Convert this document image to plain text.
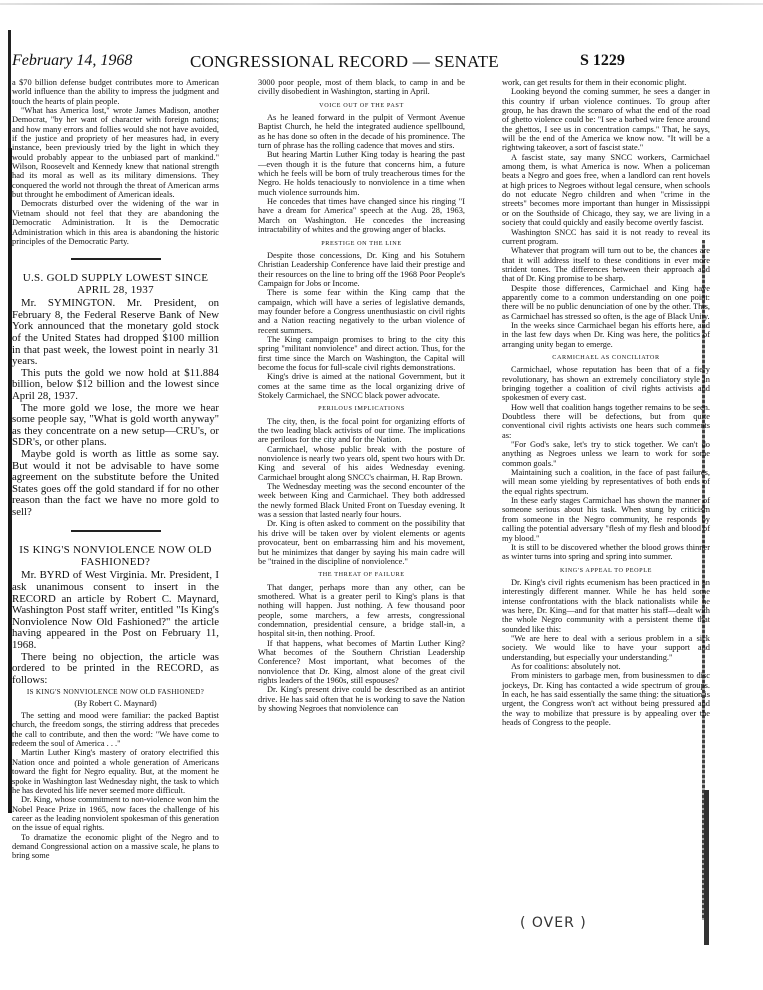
February 14, 1968	CONGRESSIONAL RECORD — SENATE	S 1229

a $70 billion defense budget contributes more to American world influence than the ability to impress the judgment and touch the hearts of plain people.

"What has America lost," wrote James Madison, another Democrat, "by her want of character with foreign nations; and how many errors and follies would she not have avoided, if the justice and propriety of her measures had, in every instance, been previously tried by the light in which they would probably appear to the unbiased part of mankind." Wilson, Roosevelt and Kennedy knew that national strength had its moral as well as its military dimensions. They conquered the world not through the threat of American arms but throught he embodiment of American ideals.

Democrats disturbed over the widening of the war in Vietnam should not feel that they are abandoning the Democratic Administration. It is the Democratic Administration which in this area is abandoning the historic principles of the Democratic Party.

U.S. GOLD SUPPLY LOWEST SINCE APRIL 28, 1937

Mr. SYMINGTON. Mr. President, on February 8, the Federal Reserve Bank of New York announced that the monetary gold stock of the United States had dropped $100 million in that past week, the lowest point in nearly 31 years.

This puts the gold we now hold at $11.884 billion, below $12 billion and the lowest since April 28, 1937.

The more gold we lose, the more we hear some people say, "What is gold worth anyway" as they concentrate on a new setup—CRU's, or SDR's, or other plans.

Maybe gold is worth as little as some say. But would it not be advisable to have some agreement on the substitute before the United States goes off the gold standard if for no other reason than the fact we have no more gold to sell?

IS KING'S NONVIOLENCE NOW OLD FASHIONED?

Mr. BYRD of West Virginia. Mr. President, I ask unanimous consent to insert in the RECORD an article by Robert C. Maynard, Washington Post staff writer, entitled "Is King's Nonviolence Now Old Fashioned?" the article having appeared in the Post on February 11, 1968.

There being no objection, the article was ordered to be printed in the RECORD, as follows:

IS KING'S NONVIOLENCE NOW OLD FASHIONED?

(By Robert C. Maynard)

The setting and mood were familiar: the packed Baptist church, the freedom songs, the stirring address that precedes the call to contribute, and then the word: "We have come to redeem the soul of America . . ."

Martin Luther King's mastery of oratory electrified this Nation once and pointed a whole generation of Americans toward the fight for Negro equality. But, at the moment he spoke in Washington last Wednesday night, the task to which he has devoted his life never seemed more difficult.

Dr. King, whose commitment to non-violence won him the Nobel Peace Prize in 1965, now faces the challenge of his career as the leading nonviolent spokesman of this generation on the issue of equal rights.

To dramatize the economic plight of the Negro and to demand Congressional action on a massive scale, he plans to bring some

3000 poor people, most of them black, to camp in and be civilly disobedient in Washington, starting in April.

VOICE OUT OF THE PAST

As he leaned forward in the pulpit of Vermont Avenue Baptist Church, he held the integrated audience spellbound, as he has done so often in the decade of his prominence. The turn of phrase has the rolling cadence that moves and stirs.

But hearing Martin Luther King today is hearing the past—even though it is the future that concerns him, a future which he feels will be born of truly treacherous times for the Negro. He holds tenaciously to nonviolence in a time when much violence surrounds him.

He concedes that times have changed since his ringing "I have a dream for America" speech at the Aug. 28, 1963, March on Washington. He concedes the increasing intractability of whites and the growing anger of blacks.

PRESTIGE ON THE LINE

Despite those concessions, Dr. King and his Sotuhern Christian Leadership Conference have laid their prestige and their resources on the line to bring off the 1968 Poor People's Campaign for Jobs or Income.

There is some fear within the King camp that the campaign, which will have a series of legislative demands, may founder before a Congress unenthusiastic on civil rights and a Nation reacting negatively to the urban violence of recent summers.

The King campaign promises to bring to the city this spring "militant nonviolence" and direct action. Thus, for the first time since the March on Washington, the Capital will become the focus for full-scale civil rights demonstrations.

King's drive is aimed at the national Government, but it comes at the same time as the local organizing drive of Stokely Carmichael, the SNCC black power advocate.

PERILOUS IMPLICATIONS

The city, then, is the focal point for organizing efforts of the two leading black activists of our time. The implications are perilous for the city and for the Nation.

Carmichael, whose public break with the posture of nonviolence is nearly two years old, spent two hours with Dr. King and several of his aides Wednesday evening. Carmichael brought along SNCC's chairman, H. Rap Brown.

The Wednesday meeting was the second encounter of the week between King and Carmichael. They both addressed the newly formed Black United Front on Tuesday evening. It was a session that lasted nearly four hours.

Dr. King is often asked to comment on the possibility that his drive will be taken over by violent elements or agents provocateur, bent on embarrassing him and his movement, but he minimizes that danger by saying his main cadre will be "trained in the discipline of nonviolence."

THE THREAT OF FAILURE

That danger, perhaps more than any other, can be smothered. What is a greater peril to King's plans is that nothing will happen. Just nothing. A few thousand poor people, some marchers, a few arrests, congressional condemnation, presidential censure, a bridge stall-in, a hospital sit-in, then nothing. Proof.

If that happens, what becomes of Martin Luther King? What becomes of the Southern Christian Leadership Conference? Most important, what becomes of the nonviolence that Dr. King, almost alone of the great civil rights leaders of the 1960s, still espouses?

Dr. King's present drive could be described as an antiriot drive. He has said often that he is working to save the Nation by showing Negroes that nonviolence can

work, can get results for them in their economic plight.

Looking beyond the coming summer, he sees a danger in this country if urban violence continues. To group after group, he has drawn the scenaro of what the end of the road of ghetto violence could be: "I see a barbed wire fence around the ghettos, I see us in concentration camps." That, he says, will be the end of the America we know now. "It will be a rightwing takeover, a sort of fascist state."

A fascist state, say many SNCC workers, Carmichael among them, is what America is now. When a policeman beats a Negro and goes free, when a landlord can rent hovels at high prices to Negroes without legal censure, when schools do not educate Negro children and when "crime in the streets" becomes more important than hunger in Mississippi or on the Southside of Chicago, they say, we are living in a society that could quickly and easily become overtly fascist.

Washington SNCC has said it is not ready to reveal its current program.

Whatever that program will turn out to be, the chances are that it will address itself to these conditions in ever more strident tones. The differences between their approach and that of Dr. King promise to be sharp.

Despite those differences, Carmichael and King have apparently come to a common understanding on one point: there will be no public denunciation of one by the other. This, as Carmichael has stressed so often, is the age of Black Unity.

In the weeks since Carmichael began his efforts here, and in the last few days when Dr. King was here, the politics of arranging unity began to emerge.

CARMICHAEL AS CONCILIATOR

Carmichael, whose reputation has been that of a fiery revolutionary, has shown an extremely conciliatory style in bringing together a coalition of civil rights activists and spokesmen of every cast.

How well that coalition hangs together remains to be seen. Doubtless there will be defections, but from quite conventional civil rights activists one hears such comments as:

"For God's sake, let's try to stick together. We can't do anything as Negroes unless we learn to work for some common goals."

Maintaining such a coalition, in the face of past failures, will mean some yielding by representatives of both ends of the equal rights spectrum.

In these early stages Carmichael has shown the manner of someone serious about his task. When stung by criticism from someone in the Negro community, he responds by calling the potential adversary "flesh of my flesh and blood of my blood."

It is still to be discovered whether the blood grows thinner as winter turns into spring and spring into summer.

KING'S APPEAL TO PEOPLE

Dr. King's civil rights ecumenism has been practiced in an interestingly different manner. While he has held some intense confrontations with the black nationalists while he was here, Dr. King—and for that matter his staff—dealt with the whole Negro community with a persistent theme that sounded like this:

"We are here to deal with a serious problem in a sick society. We would like to have your support and understanding, but especially your understanding."

As for coalitions: absolutely not.

From ministers to garbage men, from businessmen to disc jockeys, Dr. King has contacted a wide spectrum of groups. In each, he has said essentially the same thing: the situation is urgent, the Congress won't act without being pressured and the way to mobilize that pressure is by appealing over the heads of Congress to the people.

( OVER )
